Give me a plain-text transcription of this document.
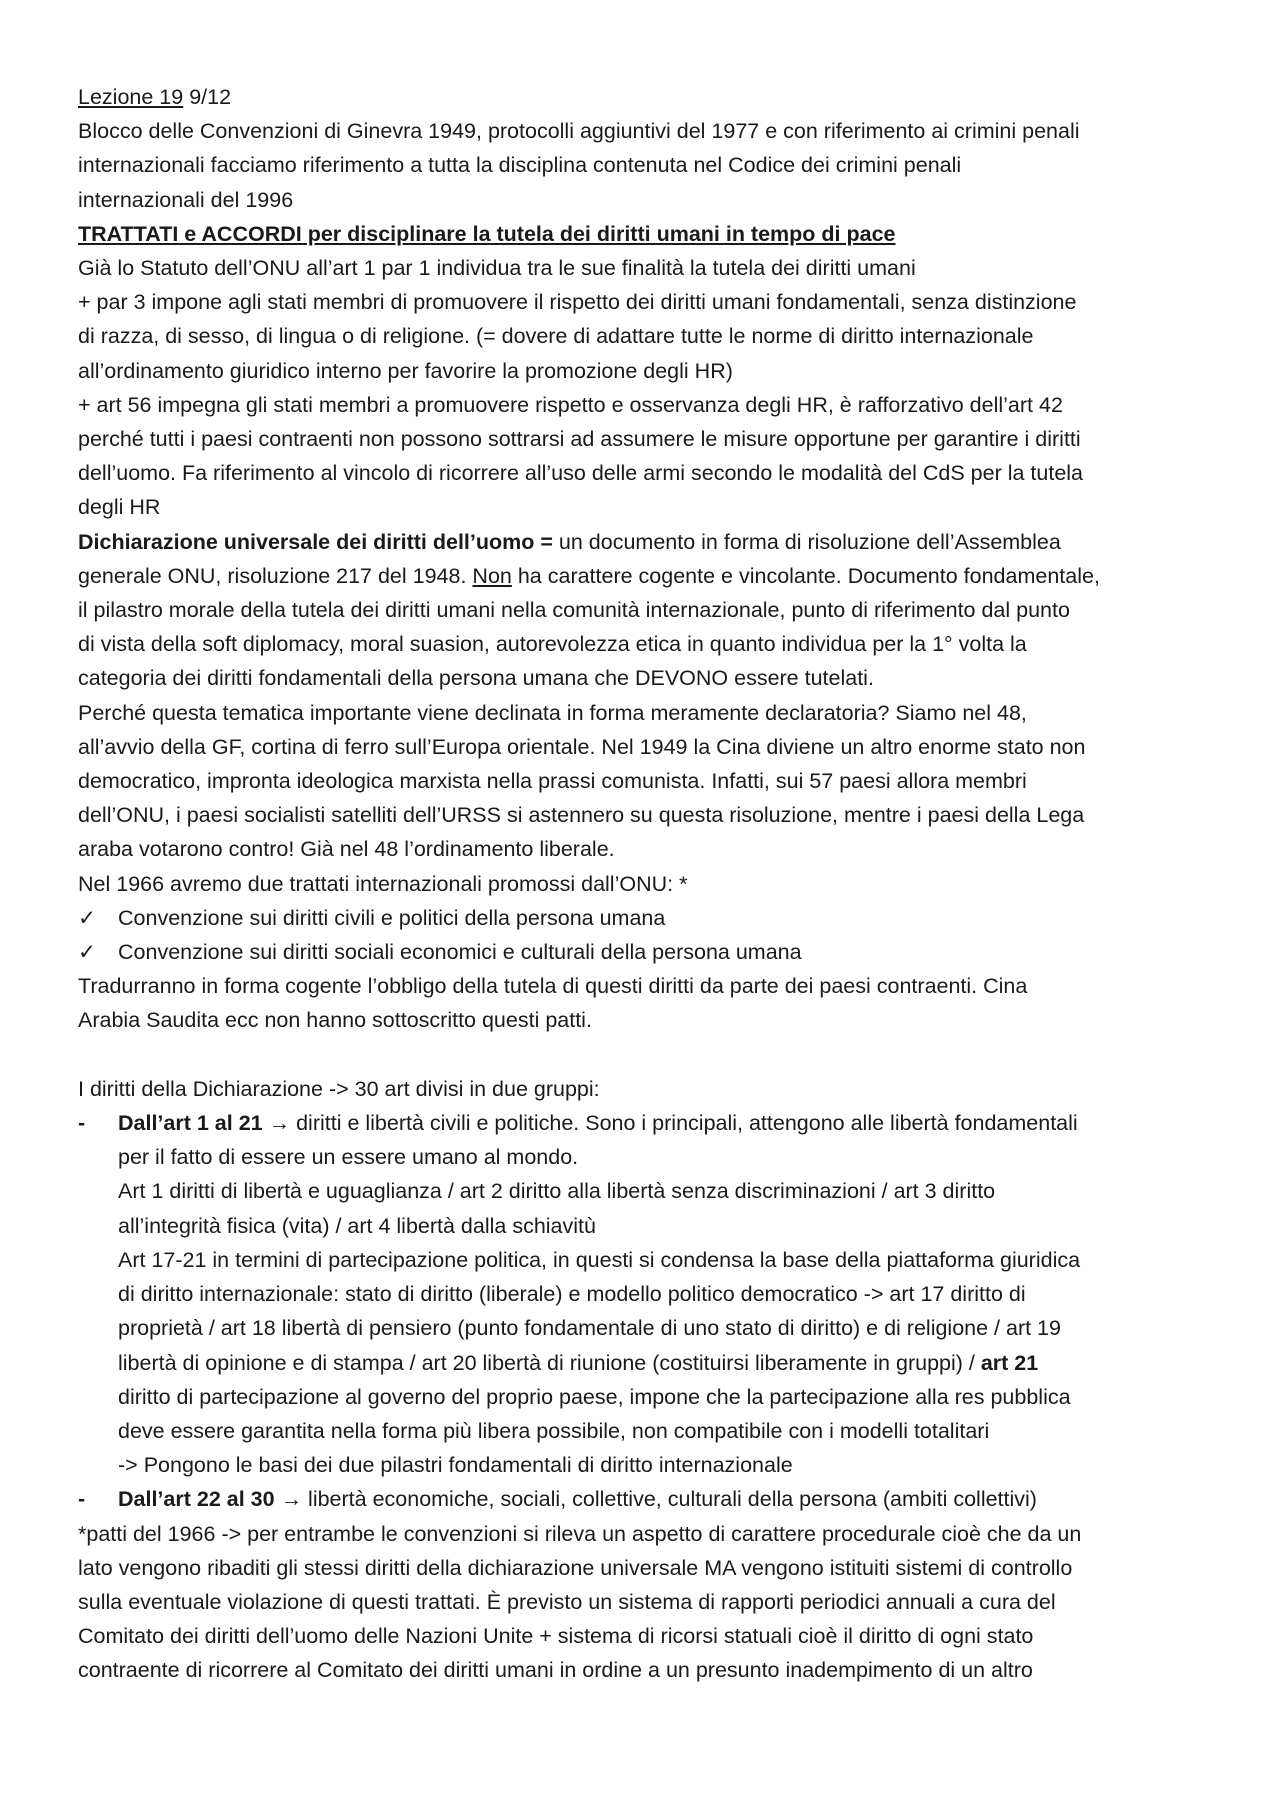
Lezione 19 9/12
Blocco delle Convenzioni di Ginevra 1949, protocolli aggiuntivi del 1977 e con riferimento ai crimini penali
internazionali facciamo riferimento a tutta la disciplina contenuta nel Codice dei crimini penali
internazionali del 1996
TRATTATI e ACCORDI per disciplinare la tutela dei diritti umani in tempo di pace
Già lo Statuto dell’ONU all’art 1 par 1 individua tra le sue finalità la tutela dei diritti umani
+ par 3 impone agli stati membri di promuovere il rispetto dei diritti umani fondamentali, senza distinzione
di razza, di sesso, di lingua o di religione. (= dovere di adattare tutte le norme di diritto internazionale
all’ordinamento giuridico interno per favorire la promozione degli HR)
+ art 56 impegna gli stati membri a promuovere rispetto e osservanza degli HR, è rafforzativo dell’art 42
perché tutti i paesi contraenti non possono sottrarsi ad assumere le misure opportune per garantire i diritti
dell’uomo. Fa riferimento al vincolo di ricorrere all’uso delle armi secondo le modalità del CdS per la tutela
degli HR
Dichiarazione universale dei diritti dell’uomo = un documento in forma di risoluzione dell’Assemblea
generale ONU, risoluzione 217 del 1948. Non ha carattere cogente e vincolante. Documento fondamentale,
il pilastro morale della tutela dei diritti umani nella comunità internazionale, punto di riferimento dal punto
di vista della soft diplomacy, moral suasion, autorevolezza etica in quanto individua per la 1° volta la
categoria dei diritti fondamentali della persona umana che DEVONO essere tutelati.
Perché questa tematica importante viene declinata in forma meramente declaratoria? Siamo nel 48,
all’avvio della GF, cortina di ferro sull’Europa orientale. Nel 1949 la Cina diviene un altro enorme stato non
democratico, impronta ideologica marxista nella prassi comunista. Infatti, sui 57 paesi allora membri
dell’ONU, i paesi socialisti satelliti dell’URSS si astennero su questa risoluzione, mentre i paesi della Lega
araba votarono contro! Già nel 48 l’ordinamento liberale.
Nel 1966 avremo due trattati internazionali promossi dall’ONU: *
✓	Convenzione sui diritti civili e politici della persona umana
✓	Convenzione sui diritti sociali economici e culturali della persona umana
Tradurranno in forma cogente l’obbligo della tutela di questi diritti da parte dei paesi contraenti. Cina
Arabia Saudita ecc non hanno sottoscritto questi patti.
I diritti della Dichiarazione -> 30 art divisi in due gruppi:
-	Dall’art 1 al 21 → diritti e libertà civili e politiche. Sono i principali, attengono alle libertà fondamentali
per il fatto di essere un essere umano al mondo.
Art 1 diritti di libertà e uguaglianza / art 2 diritto alla libertà senza discriminazioni / art 3 diritto
all’integrità fisica (vita) / art 4 libertà dalla schiavitù
Art 17-21 in termini di partecipazione politica, in questi si condensa la base della piattaforma giuridica
di diritto internazionale: stato di diritto (liberale) e modello politico democratico -> art 17 diritto di
proprietà / art 18 libertà di pensiero (punto fondamentale di uno stato di diritto) e di religione / art 19
libertà di opinione e di stampa / art 20 libertà di riunione (costituirsi liberamente in gruppi) / art 21
diritto di partecipazione al governo del proprio paese, impone che la partecipazione alla res pubblica
deve essere garantita nella forma più libera possibile, non compatibile con i modelli totalitari
-> Pongono le basi dei due pilastri fondamentali di diritto internazionale
-	Dall’art 22 al 30 → libertà economiche, sociali, collettive, culturali della persona (ambiti collettivi)
*patti del 1966 -> per entrambe le convenzioni si rileva un aspetto di carattere procedurale cioè che da un
lato vengono ribaditi gli stessi diritti della dichiarazione universale MA vengono istituiti sistemi di controllo
sulla eventuale violazione di questi trattati. È previsto un sistema di rapporti periodici annuali a cura del
Comitato dei diritti dell’uomo delle Nazioni Unite + sistema di ricorsi statuali cioè il diritto di ogni stato
contraente di ricorrere al Comitato dei diritti umani in ordine a un presunto inadempimento di un altro
